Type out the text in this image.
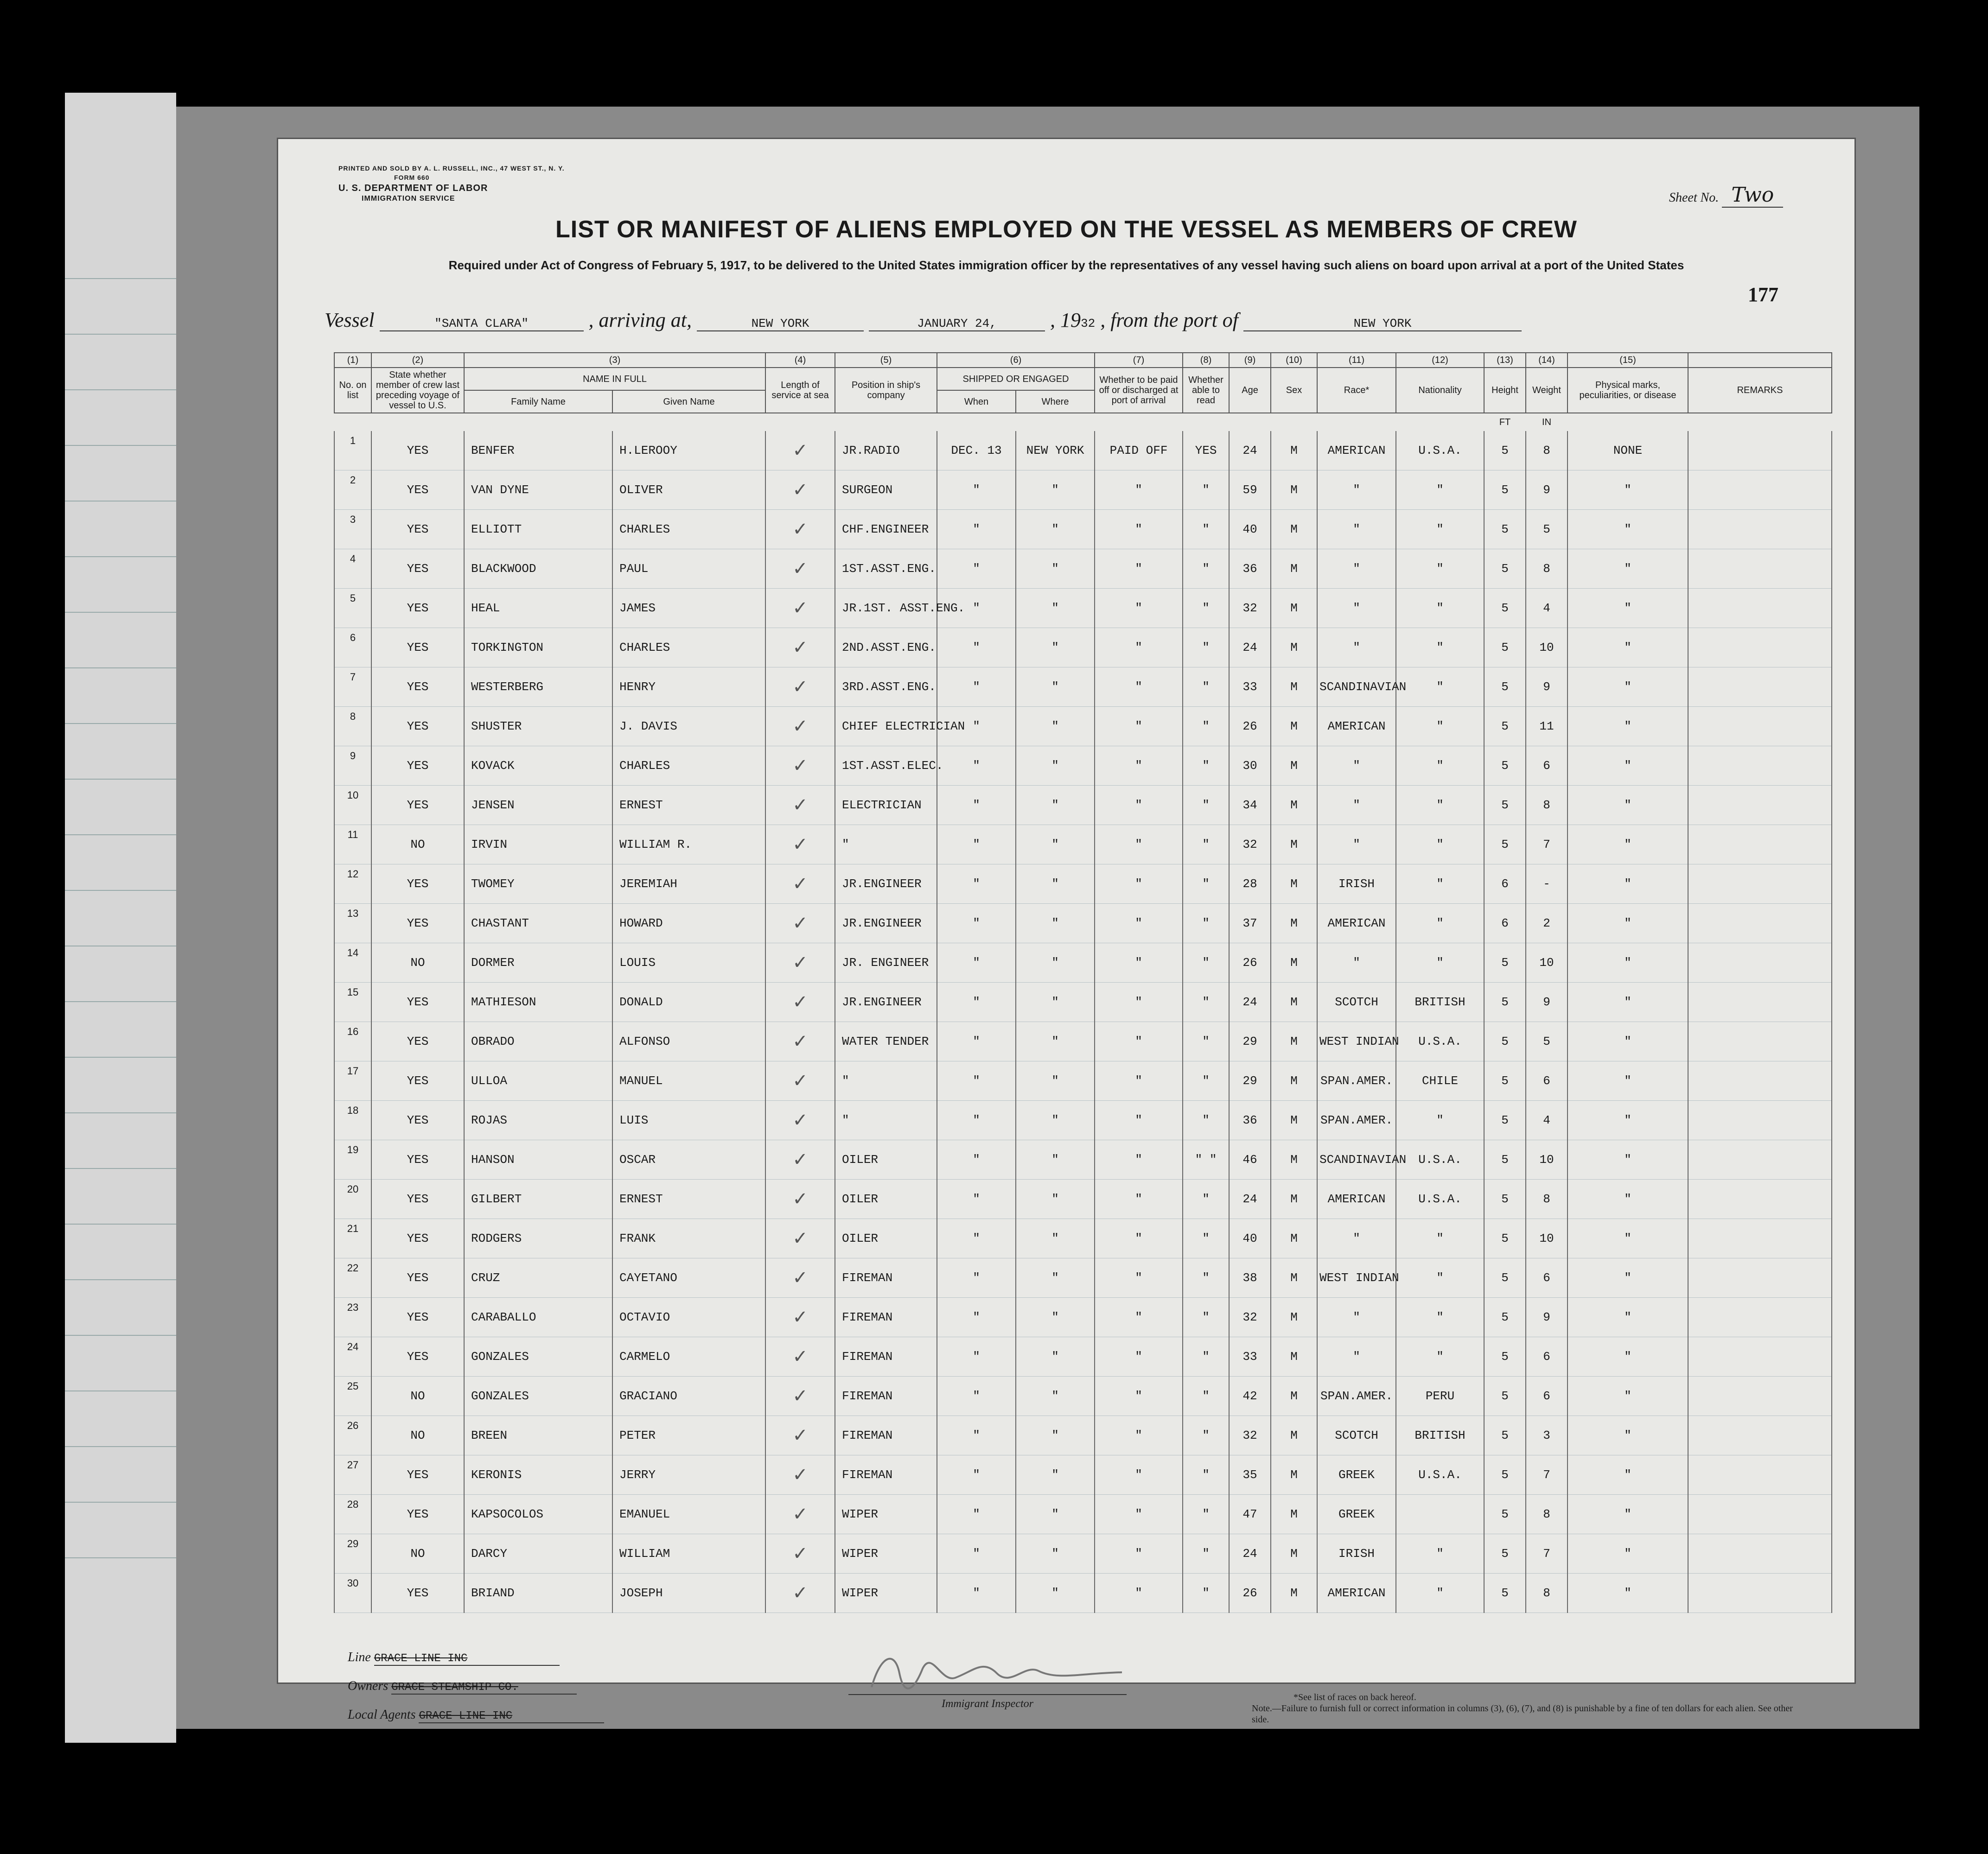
PRINTED AND SOLD BY A. L. RUSSELL, INC., 47 WEST ST., N. Y.
FORM 660
U. S. DEPARTMENT OF LABOR
IMMIGRATION SERVICE	Sheet No. Two
LIST OR MANIFEST OF ALIENS EMPLOYED ON THE VESSEL AS MEMBERS OF CREW
Required under Act of Congress of February 5, 1917, to be delivered to the United States immigration officer by the representatives of any vessel having such aliens on board upon arrival at a port of the United States
177
Vessel	"SANTA CLARA"	, arriving at,	NEW YORK	JANUARY 24,	, 1932 , from the port of	NEW YORK
(1)	(2)	(3)		(4)	(5)	(6)		(7)	(8)	(9)	(10)	(11)	(12)	(13)	(14)	(15)	
No. on list	State whether member of crew last preceding voyage of vessel to U.S.	NAME IN FULL		Length of service at sea	Position in ship's company	SHIPPED OR ENGAGED		Whether to be paid off or discharged at port of arrival	Whether able to read	Age	Sex	Race*	Nationality	Height	Weight	Physical marks, peculiarities, or disease	REMARKS
		Family Name	Given Name			When	Where										
														FT	IN		
1	YES	BENFER	H.LEROOY	✓	JR.RADIO	DEC. 13	NEW YORK	PAID OFF	YES	24	M	AMERICAN	U.S.A.	5	8	NONE	
2	YES	VAN DYNE	OLIVER	✓	SURGEON	"	"	"	"	59	M	"	"	5	9	"	
3	YES	ELLIOTT	CHARLES	✓	CHF.ENGINEER	"	"	"	"	40	M	"	"	5	5	"	
4	YES	BLACKWOOD	PAUL	✓	1ST.ASST.ENG.	"	"	"	"	36	M	"	"	5	8	"	
5	YES	HEAL	JAMES	✓	JR.1ST. ASST.ENG.	"	"	"	"	32	M	"	"	5	4	"	
6	YES	TORKINGTON	CHARLES	✓	2ND.ASST.ENG.	"	"	"	"	24	M	"	"	5	10	"	
7	YES	WESTERBERG	HENRY	✓	3RD.ASST.ENG.	"	"	"	"	33	M	SCANDINAVIAN	"	5	9	"	
8	YES	SHUSTER	J. DAVIS	✓	CHIEF ELECTRICIAN	"	"	"	"	26	M	AMERICAN	"	5	11	"	
9	YES	KOVACK	CHARLES	✓	1ST.ASST.ELEC.	"	"	"	"	30	M	"	"	5	6	"	
10	YES	JENSEN	ERNEST	✓	ELECTRICIAN	"	"	"	"	34	M	"	"	5	8	"	
11	NO	IRVIN	WILLIAM R.	✓	"	"	"	"	"	32	M	"	"	5	7	"	
12	YES	TWOMEY	JEREMIAH	✓	JR.ENGINEER	"	"	"	"	28	M	IRISH	"	6	-	"	
13	YES	CHASTANT	HOWARD	✓	JR.ENGINEER	"	"	"	"	37	M	AMERICAN	"	6	2	"	
14	NO	DORMER	LOUIS	✓	JR. ENGINEER	"	"	"	"	26	M	"	"	5	10	"	
15	YES	MATHIESON	DONALD	✓	JR.ENGINEER	"	"	"	"	24	M	SCOTCH	BRITISH	5	9	"	
16	YES	OBRADO	ALFONSO	✓	WATER TENDER	"	"	"	"	29	M	WEST INDIAN	U.S.A.	5	5	"	
17	YES	ULLOA	MANUEL	✓	"	"	"	"	"	29	M	SPAN.AMER.	CHILE	5	6	"	
18	YES	ROJAS	LUIS	✓	"	"	"	"	"	36	M	SPAN.AMER.	"	5	4	"	
19	YES	HANSON	OSCAR	✓	OILER	"	"	"	" "	46	M	SCANDINAVIAN	U.S.A.	5	10	"	
20	YES	GILBERT	ERNEST	✓	OILER	"	"	"	"	24	M	AMERICAN	U.S.A.	5	8	"	
21	YES	RODGERS	FRANK	✓	OILER	"	"	"	"	40	M	"	"	5	10	"	
22	YES	CRUZ	CAYETANO	✓	FIREMAN	"	"	"	"	38	M	WEST INDIAN	"	5	6	"	
23	YES	CARABALLO	OCTAVIO	✓	FIREMAN	"	"	"	"	32	M	"	"	5	9	"	
24	YES	GONZALES	CARMELO	✓	FIREMAN	"	"	"	"	33	M	"	"	5	6	"	
25	NO	GONZALES	GRACIANO	✓	FIREMAN	"	"	"	"	42	M	SPAN.AMER.	PERU	5	6	"	
26	NO	BREEN	PETER	✓	FIREMAN	"	"	"	"	32	M	SCOTCH	BRITISH	5	3	"	
27	YES	KERONIS	JERRY	✓	FIREMAN	"	"	"	"	35	M	GREEK	U.S.A.	5	7	"	
28	YES	KAPSOCOLOS	EMANUEL	✓	WIPER	"	"	"	"	47	M	GREEK		5	8	"	
29	NO	DARCY	WILLIAM	✓	WIPER	"	"	"	"	24	M	IRISH	"	5	7	"	
30	YES	BRIAND	JOSEPH	✓	WIPER	"	"	"	"	26	M	AMERICAN	"	5	8	"	
Line GRACE LINE INC
Owners GRACE STEAMSHIP CO.
Local Agents GRACE LINE INC
Immigrant Inspector
*See list of races on back hereof.
Note.—Failure to furnish full or correct information in columns (3), (6), (7), and (8) is punishable by a fine of ten dollars for each alien. See other side.
